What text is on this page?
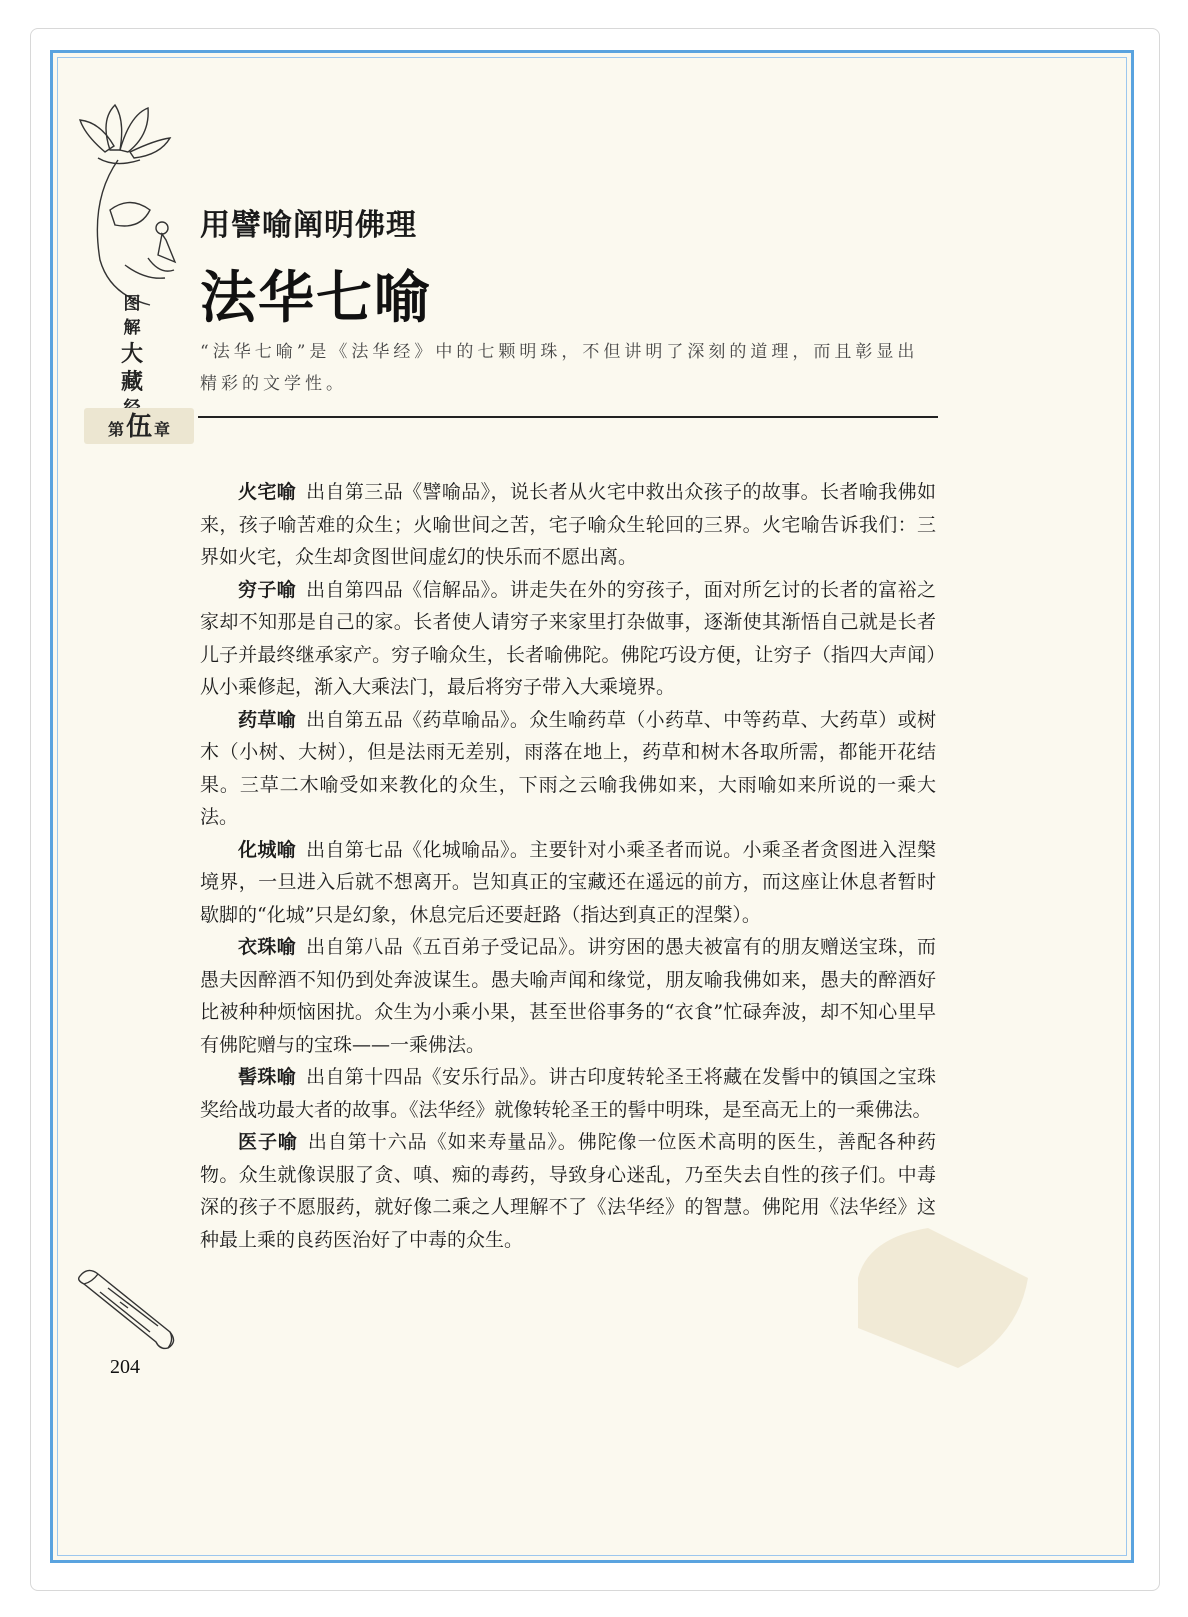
图
解
大
藏
第 伍 章
用譬喻阐明佛理
法华七喻
“法华七喻”是《法华经》中的七颗明珠，不但讲明了深刻的道理，而且彰显出精彩的文学性。

火宅喻 出自第三品《譬喻品》，说长者从火宅中救出众孩子的故事。长者喻我佛如来，孩子喻苦难的众生；火喻世间之苦，宅子喻众生轮回的三界。火宅喻告诉我们：三界如火宅，众生却贪图世间虚幻的快乐而不愿出离。

穷子喻 出自第四品《信解品》。讲走失在外的穷孩子，面对所乞讨的长者的富裕之家却不知那是自己的家。长者使人请穷子来家里打杂做事，逐渐使其渐悟自己就是长者儿子并最终继承家产。穷子喻众生，长者喻佛陀。佛陀巧设方便，让穷子（指四大声闻）从小乘修起，渐入大乘法门，最后将穷子带入大乘境界。

药草喻 出自第五品《药草喻品》。众生喻药草（小药草、中等药草、大药草）或树木（小树、大树），但是法雨无差别，雨落在地上，药草和树木各取所需，都能开花结果。三草二木喻受如来教化的众生，下雨之云喻我佛如来，大雨喻如来所说的一乘大法。

化城喻 出自第七品《化城喻品》。主要针对小乘圣者而说。小乘圣者贪图进入涅槃境界，一旦进入后就不想离开。岂知真正的宝藏还在遥远的前方，而这座让休息者暂时歇脚的“化城”只是幻象，休息完后还要赶路（指达到真正的涅槃）。

衣珠喻 出自第八品《五百弟子受记品》。讲穷困的愚夫被富有的朋友赠送宝珠，而愚夫因醉酒不知仍到处奔波谋生。愚夫喻声闻和缘觉，朋友喻我佛如来，愚夫的醉酒好比被种种烦恼困扰。众生为小乘小果，甚至世俗事务的“衣食”忙碌奔波，却不知心里早有佛陀赠与的宝珠——一乘佛法。

髻珠喻 出自第十四品《安乐行品》。讲古印度转轮圣王将藏在发髻中的镇国之宝珠奖给战功最大者的故事。《法华经》就像转轮圣王的髻中明珠，是至高无上的一乘佛法。

医子喻 出自第十六品《如来寿量品》。佛陀像一位医术高明的医生，善配各种药物。众生就像误服了贪、嗔、痴的毒药，导致身心迷乱，乃至失去自性的孩子们。中毒深的孩子不愿服药，就好像二乘之人理解不了《法华经》的智慧。佛陀用《法华经》这种最上乘的良药医治好了中毒的众生。

204
